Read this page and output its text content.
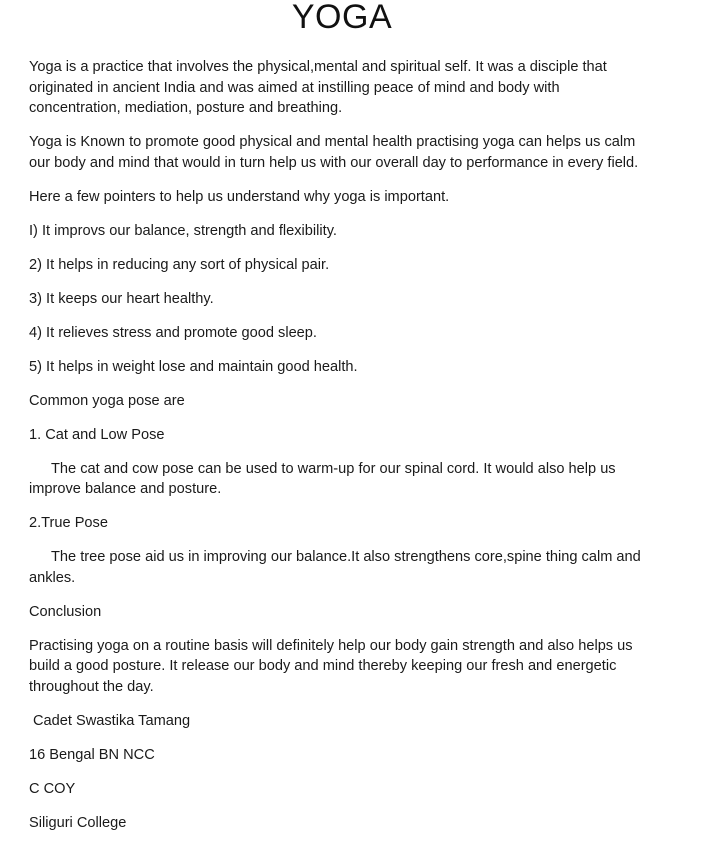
YOGA

Yoga is a practice that involves the physical,mental and spiritual self. It was a disciple that originated in ancient India and was aimed at instilling peace of mind and body with concentration, mediation, posture and breathing.

Yoga is Known to promote good physical and mental health practising yoga can helps us calm our body and mind that would in turn help us with our overall day to performance in every field.

Here a few pointers to help us understand why yoga is important.

I) It improvs our balance, strength and flexibility.

2) It helps in reducing any sort of physical pair.

3) It keeps our heart healthy.

4) It relieves stress and promote good sleep.

5) It helps in weight lose and maintain good health.

Common yoga pose are

1. Cat and Low Pose

The cat and cow pose can be used to warm-up for our spinal cord. It would also help us improve balance and posture.

2.True Pose

The tree pose aid us in improving our balance.It also strengthens core,spine thing calm and ankles.

Conclusion

Practising yoga on a routine basis will definitely help our body gain strength and also helps us build a good posture. It release our body and mind thereby keeping our fresh and energetic throughout the day.

Cadet Swastika Tamang

16 Bengal BN NCC

C COY

Siliguri College
